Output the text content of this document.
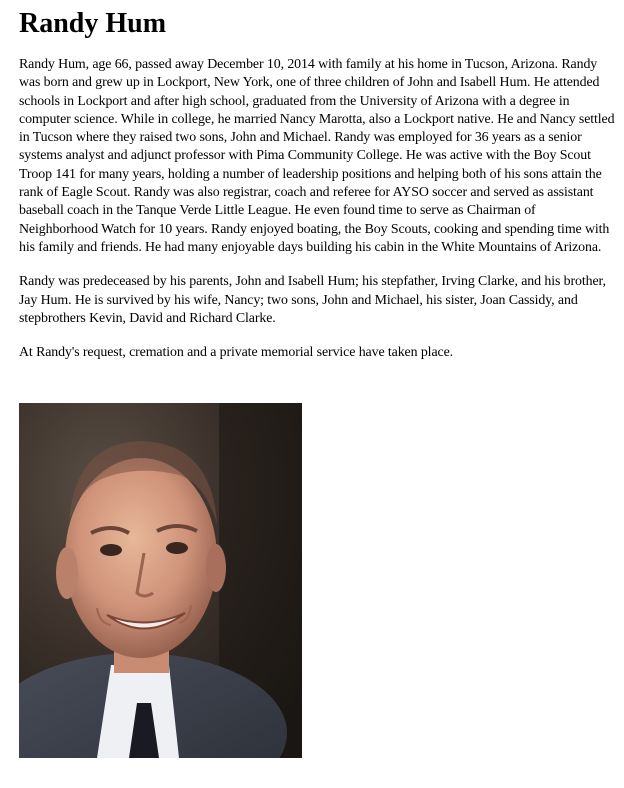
Randy Hum

Randy Hum, age 66, passed away December 10, 2014 with family at his home in Tucson, Arizona. Randy was born and grew up in Lockport, New York, one of three children of John and Isabell Hum. He attended schools in Lockport and after high school, graduated from the University of Arizona with a degree in computer science. While in college, he married Nancy Marotta, also a Lockport native. He and Nancy settled in Tucson where they raised two sons, John and Michael. Randy was employed for 36 years as a senior systems analyst and adjunct professor with Pima Community College. He was active with the Boy Scout Troop 141 for many years, holding a number of leadership positions and helping both of his sons attain the rank of Eagle Scout. Randy was also registrar, coach and referee for AYSO soccer and served as assistant baseball coach in the Tanque Verde Little League. He even found time to serve as Chairman of Neighborhood Watch for 10 years. Randy enjoyed boating, the Boy Scouts, cooking and spending time with his family and friends. He had many enjoyable days building his cabin in the White Mountains of Arizona.

Randy was predeceased by his parents, John and Isabell Hum; his stepfather, Irving Clarke, and his brother, Jay Hum. He is survived by his wife, Nancy; two sons, John and Michael, his sister, Joan Cassidy, and stepbrothers Kevin, David and Richard Clarke.

At Randy's request, cremation and a private memorial service have taken place.
